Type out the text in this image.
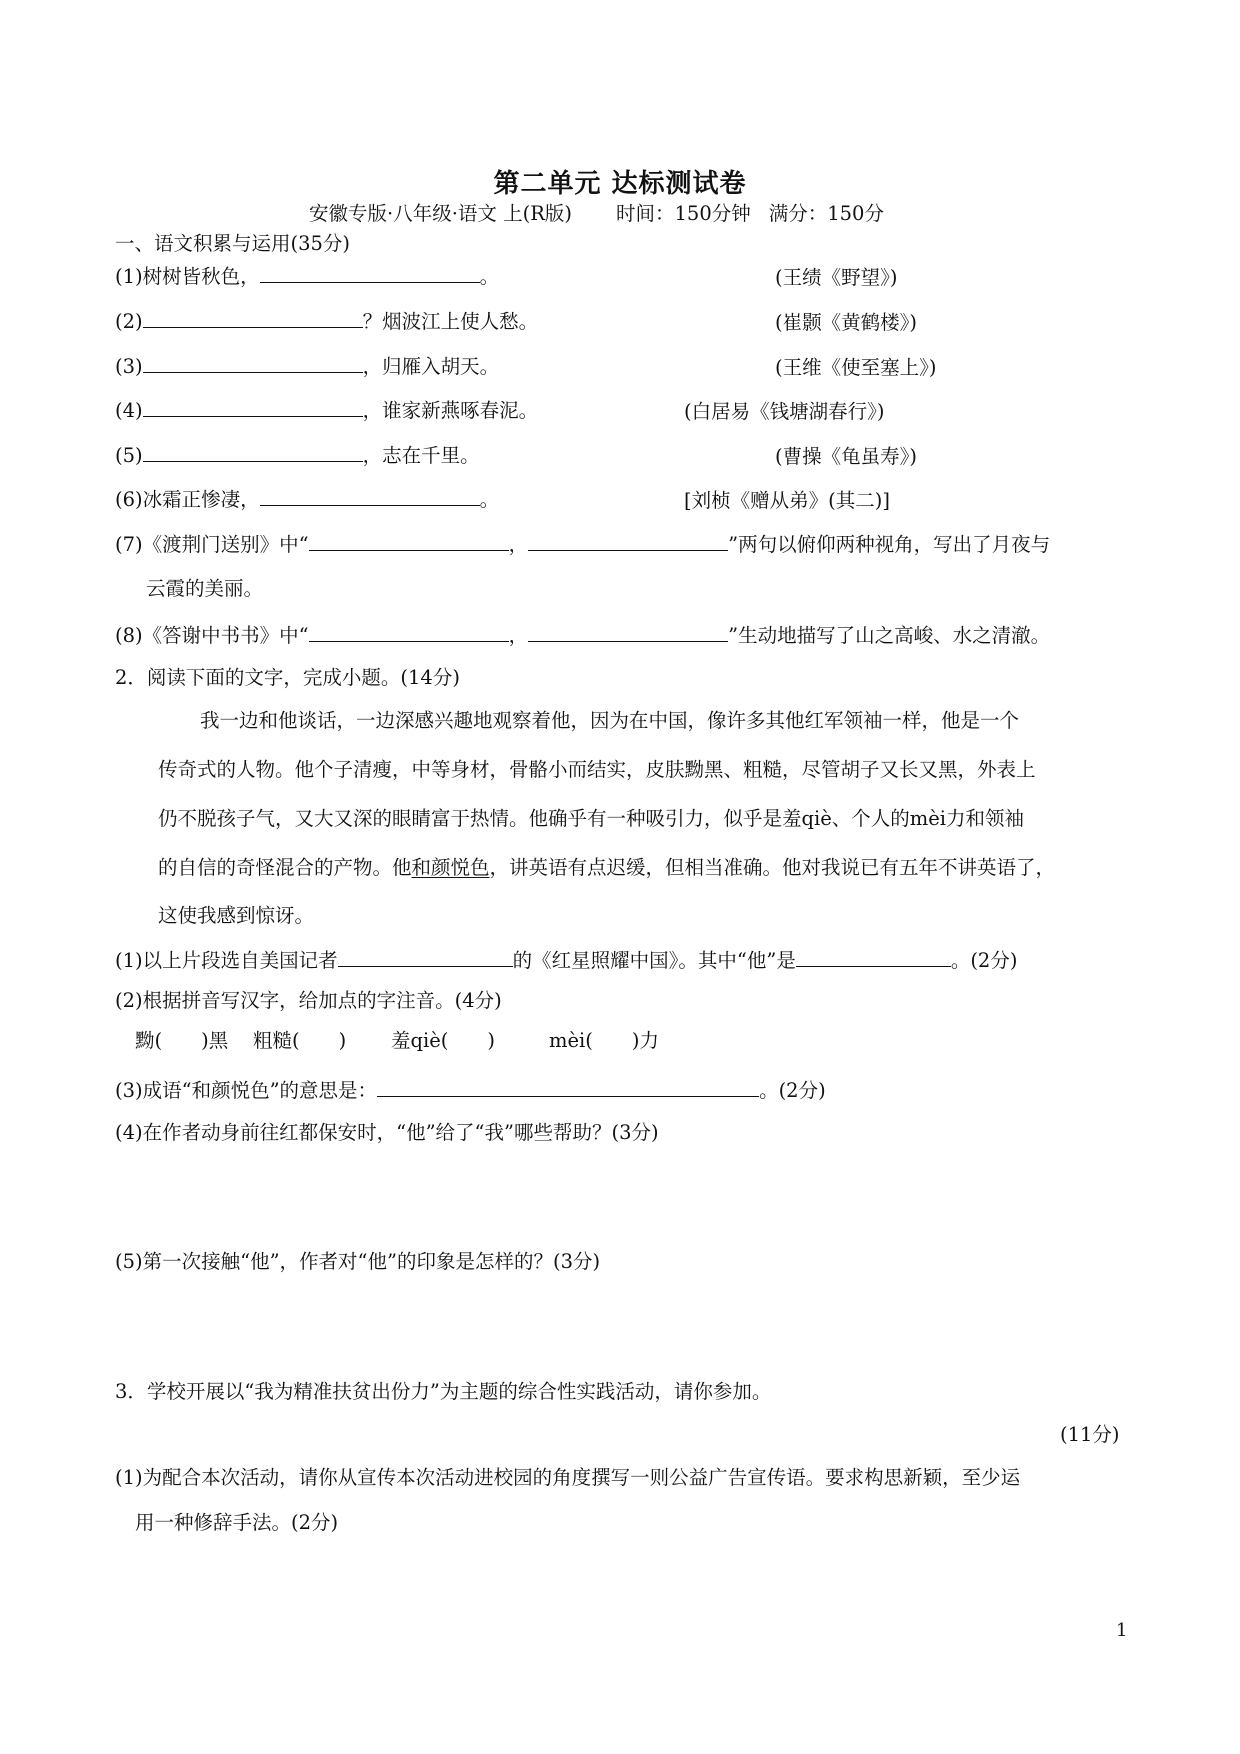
第二单元 达标测试卷
安徽专版·八年级·语文 上(R版) 时间：150分钟 满分：150分
一、语文积累与运用(35分)
(1)树树皆秋色，	。	(王绩《野望》)
(2)	？烟波江上使人愁。	(崔颢《黄鹤楼》)
(3)	，归雁入胡天。	(王维《使至塞上》)
(4)	，谁家新燕啄春泥。	(白居易《钱塘湖春行》)
(5)	，志在千里。	(曹操《龟虽寿》)
(6)冰霜正惨凄，	。	[刘桢《赠从弟》(其二)]
(7)《渡荆门送别》中“	，	”两句以俯仰两种视角，写出了月夜与
云霞的美丽。
(8)《答谢中书书》中“	，	”生动地描写了山之高峻、水之清澈。
2．阅读下面的文字，完成小题。(14分)
我一边和他谈话，一边深感兴趣地观察着他，因为在中国，像许多其他红军领袖一样，他是一个
传奇式的人物。他个子清瘦，中等身材，骨骼小而结实，皮肤黝黑、粗糙，尽管胡子又长又黑，外表上
仍不脱孩子气，又大又深的眼睛富于热情。他确乎有一种吸引力，似乎是羞qiè、个人的mèi力和领袖
的自信的奇怪混合的产物。他和颜悦色，讲英语有点迟缓，但相当准确。他对我说已有五年不讲英语了，
这使我感到惊讶。
(1)以上片段选自美国记者	的《红星照耀中国》。其中“他”是	。(2分)
(2)根据拼音写汉字，给加点的字注音。(4分)
黝(　　)黑 粗糙(　　) 羞qiè(　　)	mèi(　　)力
(3)成语“和颜悦色”的意思是：	。(2分)
(4)在作者动身前往红都保安时，“他”给了“我”哪些帮助？(3分)
(5)第一次接触“他”，作者对“他”的印象是怎样的？(3分)
3．学校开展以“我为精准扶贫出份力”为主题的综合性实践活动，请你参加。
(11分)
(1)为配合本次活动，请你从宣传本次活动进校园的角度撰写一则公益广告宣传语。要求构思新颖，至少运
用一种修辞手法。(2分)
1
